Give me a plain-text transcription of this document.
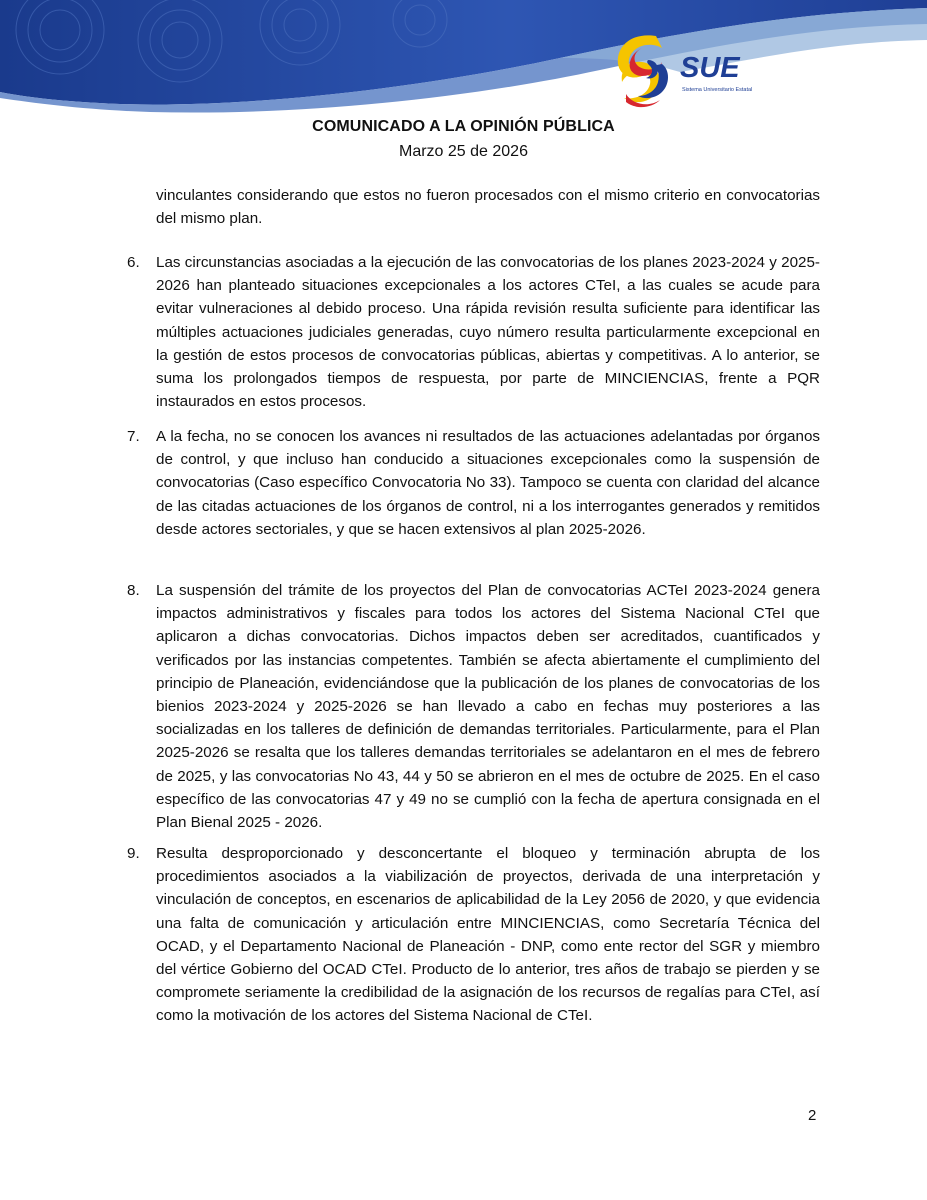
SUE
Sistema Universitario Estatal
COMUNICADO A LA OPINIÓN PÚBLICA
Marzo 25 de 2026

vinculantes considerando que estos no fueron procesados con el mismo criterio en convocatorias del mismo plan.

6. Las circunstancias asociadas a la ejecución de las convocatorias de los planes 2023-2024 y 2025-2026 han planteado situaciones excepcionales a los actores CTeI, a las cuales se acude para evitar vulneraciones al debido proceso. Una rápida revisión resulta suficiente para identificar las múltiples actuaciones judiciales generadas, cuyo número resulta particularmente excepcional en la gestión de estos procesos de convocatorias públicas, abiertas y competitivas. A lo anterior, se suma los prolongados tiempos de respuesta, por parte de MINCIENCIAS, frente a PQR instaurados en estos procesos.

7. A la fecha, no se conocen los avances ni resultados de las actuaciones adelantadas por órganos de control, y que incluso han conducido a situaciones excepcionales como la suspensión de convocatorias (Caso específico Convocatoria No 33). Tampoco se cuenta con claridad del alcance de las citadas actuaciones de los órganos de control, ni a los interrogantes generados y remitidos desde actores sectoriales, y que se hacen extensivos al plan 2025-2026.

8. La suspensión del trámite de los proyectos del Plan de convocatorias ACTeI 2023-2024 genera impactos administrativos y fiscales para todos los actores del Sistema Nacional CTeI que aplicaron a dichas convocatorias. Dichos impactos deben ser acreditados, cuantificados y verificados por las instancias competentes. También se afecta abiertamente el cumplimiento del principio de Planeación, evidenciándose que la publicación de los planes de convocatorias de los bienios 2023-2024 y 2025-2026 se han llevado a cabo en fechas muy posteriores a las socializadas en los talleres de definición de demandas territoriales. Particularmente, para el Plan 2025-2026 se resalta que los talleres demandas territoriales se adelantaron en el mes de febrero de 2025, y las convocatorias No 43, 44 y 50 se abrieron en el mes de octubre de 2025. En el caso específico de las convocatorias 47 y 49 no se cumplió con la fecha de apertura consignada en el Plan Bienal 2025 - 2026.

9. Resulta desproporcionado y desconcertante el bloqueo y terminación abrupta de los procedimientos asociados a la viabilización de proyectos, derivada de una interpretación y vinculación de conceptos, en escenarios de aplicabilidad de la Ley 2056 de 2020, y que evidencia una falta de comunicación y articulación entre MINCIENCIAS, como Secretaría Técnica del OCAD, y el Departamento Nacional de Planeación - DNP, como ente rector del SGR y miembro del vértice Gobierno del OCAD CTeI. Producto de lo anterior, tres años de trabajo se pierden y se compromete seriamente la credibilidad de la asignación de los recursos de regalías para CTeI, así como la motivación de los actores del Sistema Nacional de CTeI.

2
